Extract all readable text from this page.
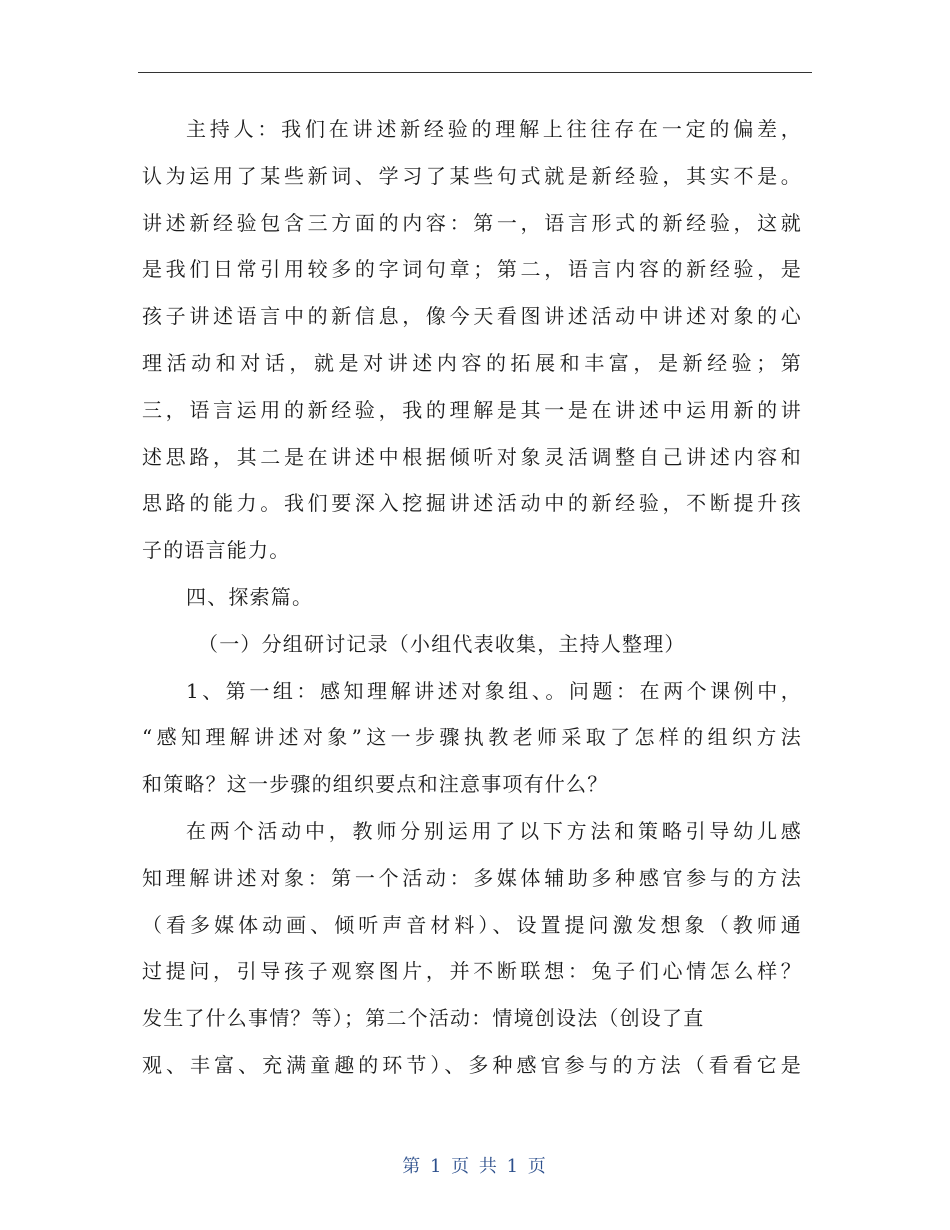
主持人：我们在讲述新经验的理解上往往存在一定的偏差，
认为运用了某些新词、学习了某些句式就是新经验，其实不是。
讲述新经验包含三方面的内容：第一，语言形式的新经验，这就
是我们日常引用较多的字词句章；第二，语言内容的新经验，是
孩子讲述语言中的新信息，像今天看图讲述活动中讲述对象的心
理活动和对话，就是对讲述内容的拓展和丰富，是新经验；第
三，语言运用的新经验，我的理解是其一是在讲述中运用新的讲
述思路，其二是在讲述中根据倾听对象灵活调整自己讲述内容和
思路的能力。我们要深入挖掘讲述活动中的新经验，不断提升孩
子的语言能力。
四、探索篇。
（一）分组研讨记录（小组代表收集，主持人整理）
1、第一组：感知理解讲述对象组、。问题：在两个课例中，
“感知理解讲述对象”这一步骤执教老师采取了怎样的组织方法
和策略？这一步骤的组织要点和注意事项有什么？
在两个活动中，教师分别运用了以下方法和策略引导幼儿感
知理解讲述对象：第一个活动：多媒体辅助多种感官参与的方法
（看多媒体动画、倾听声音材料）、设置提问激发想象（教师通
过提问，引导孩子观察图片，并不断联想：兔子们心情怎么样？
发生了什么事情？等）；第二个活动：情境创设法（创设了直
观、丰富、充满童趣的环节）、多种感官参与的方法（看看它是
第 1 页 共 1 页
